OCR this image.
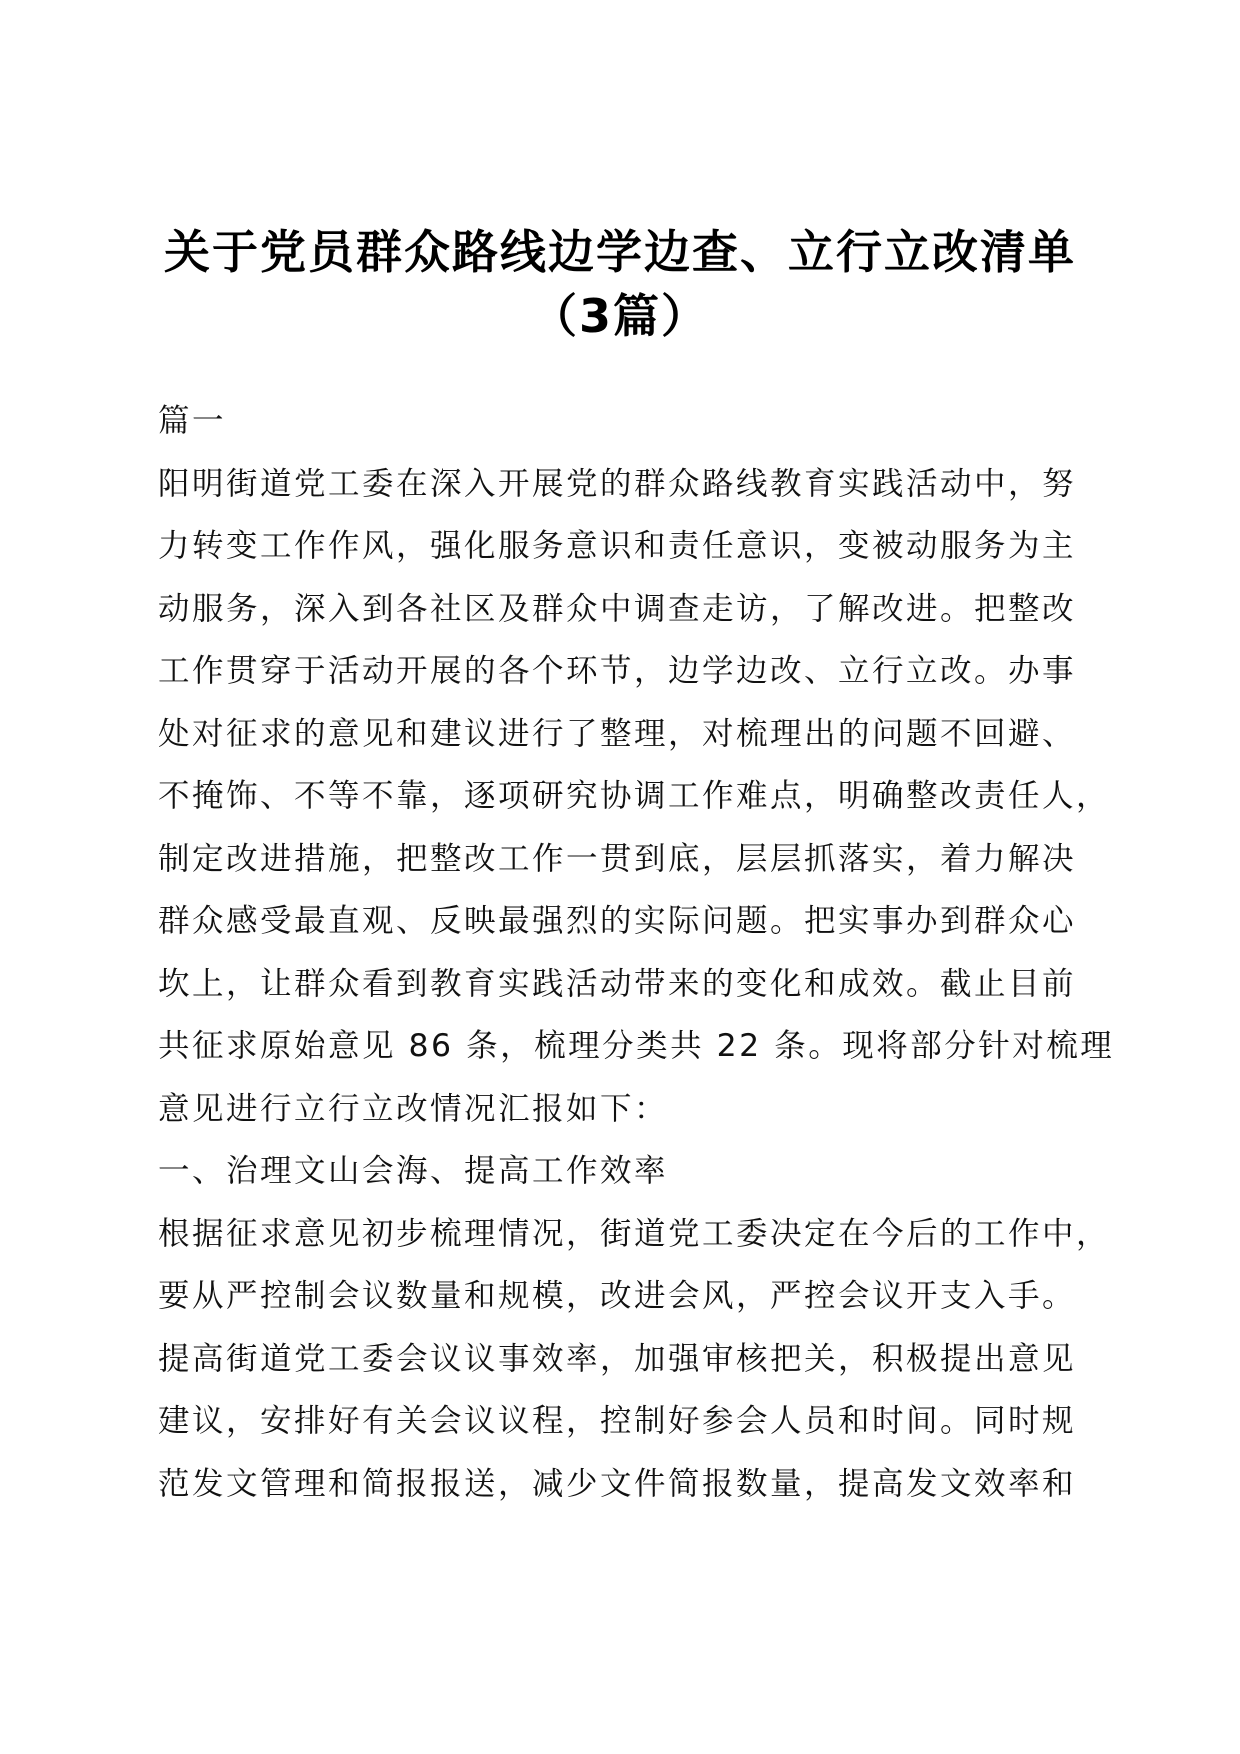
关于党员群众路线边学边查、立行立改清单
（3篇）
篇一
阳明街道党工委在深入开展党的群众路线教育实践活动中，努
力转变工作作风，强化服务意识和责任意识，变被动服务为主
动服务，深入到各社区及群众中调查走访，了解改进。把整改
工作贯穿于活动开展的各个环节，边学边改、立行立改。办事
处对征求的意见和建议进行了整理，对梳理出的问题不回避、
不掩饰、不等不靠，逐项研究协调工作难点，明确整改责任人，
制定改进措施，把整改工作一贯到底，层层抓落实，着力解决
群众感受最直观、反映最强烈的实际问题。把实事办到群众心
坎上，让群众看到教育实践活动带来的变化和成效。截止目前
共征求原始意见 86 条，梳理分类共 22 条。现将部分针对梳理
意见进行立行立改情况汇报如下：
一、治理文山会海、提高工作效率
根据征求意见初步梳理情况，街道党工委决定在今后的工作中，
要从严控制会议数量和规模，改进会风，严控会议开支入手。
提高街道党工委会议议事效率，加强审核把关，积极提出意见
建议，安排好有关会议议程，控制好参会人员和时间。同时规
范发文管理和简报报送，减少文件简报数量，提高发文效率和
